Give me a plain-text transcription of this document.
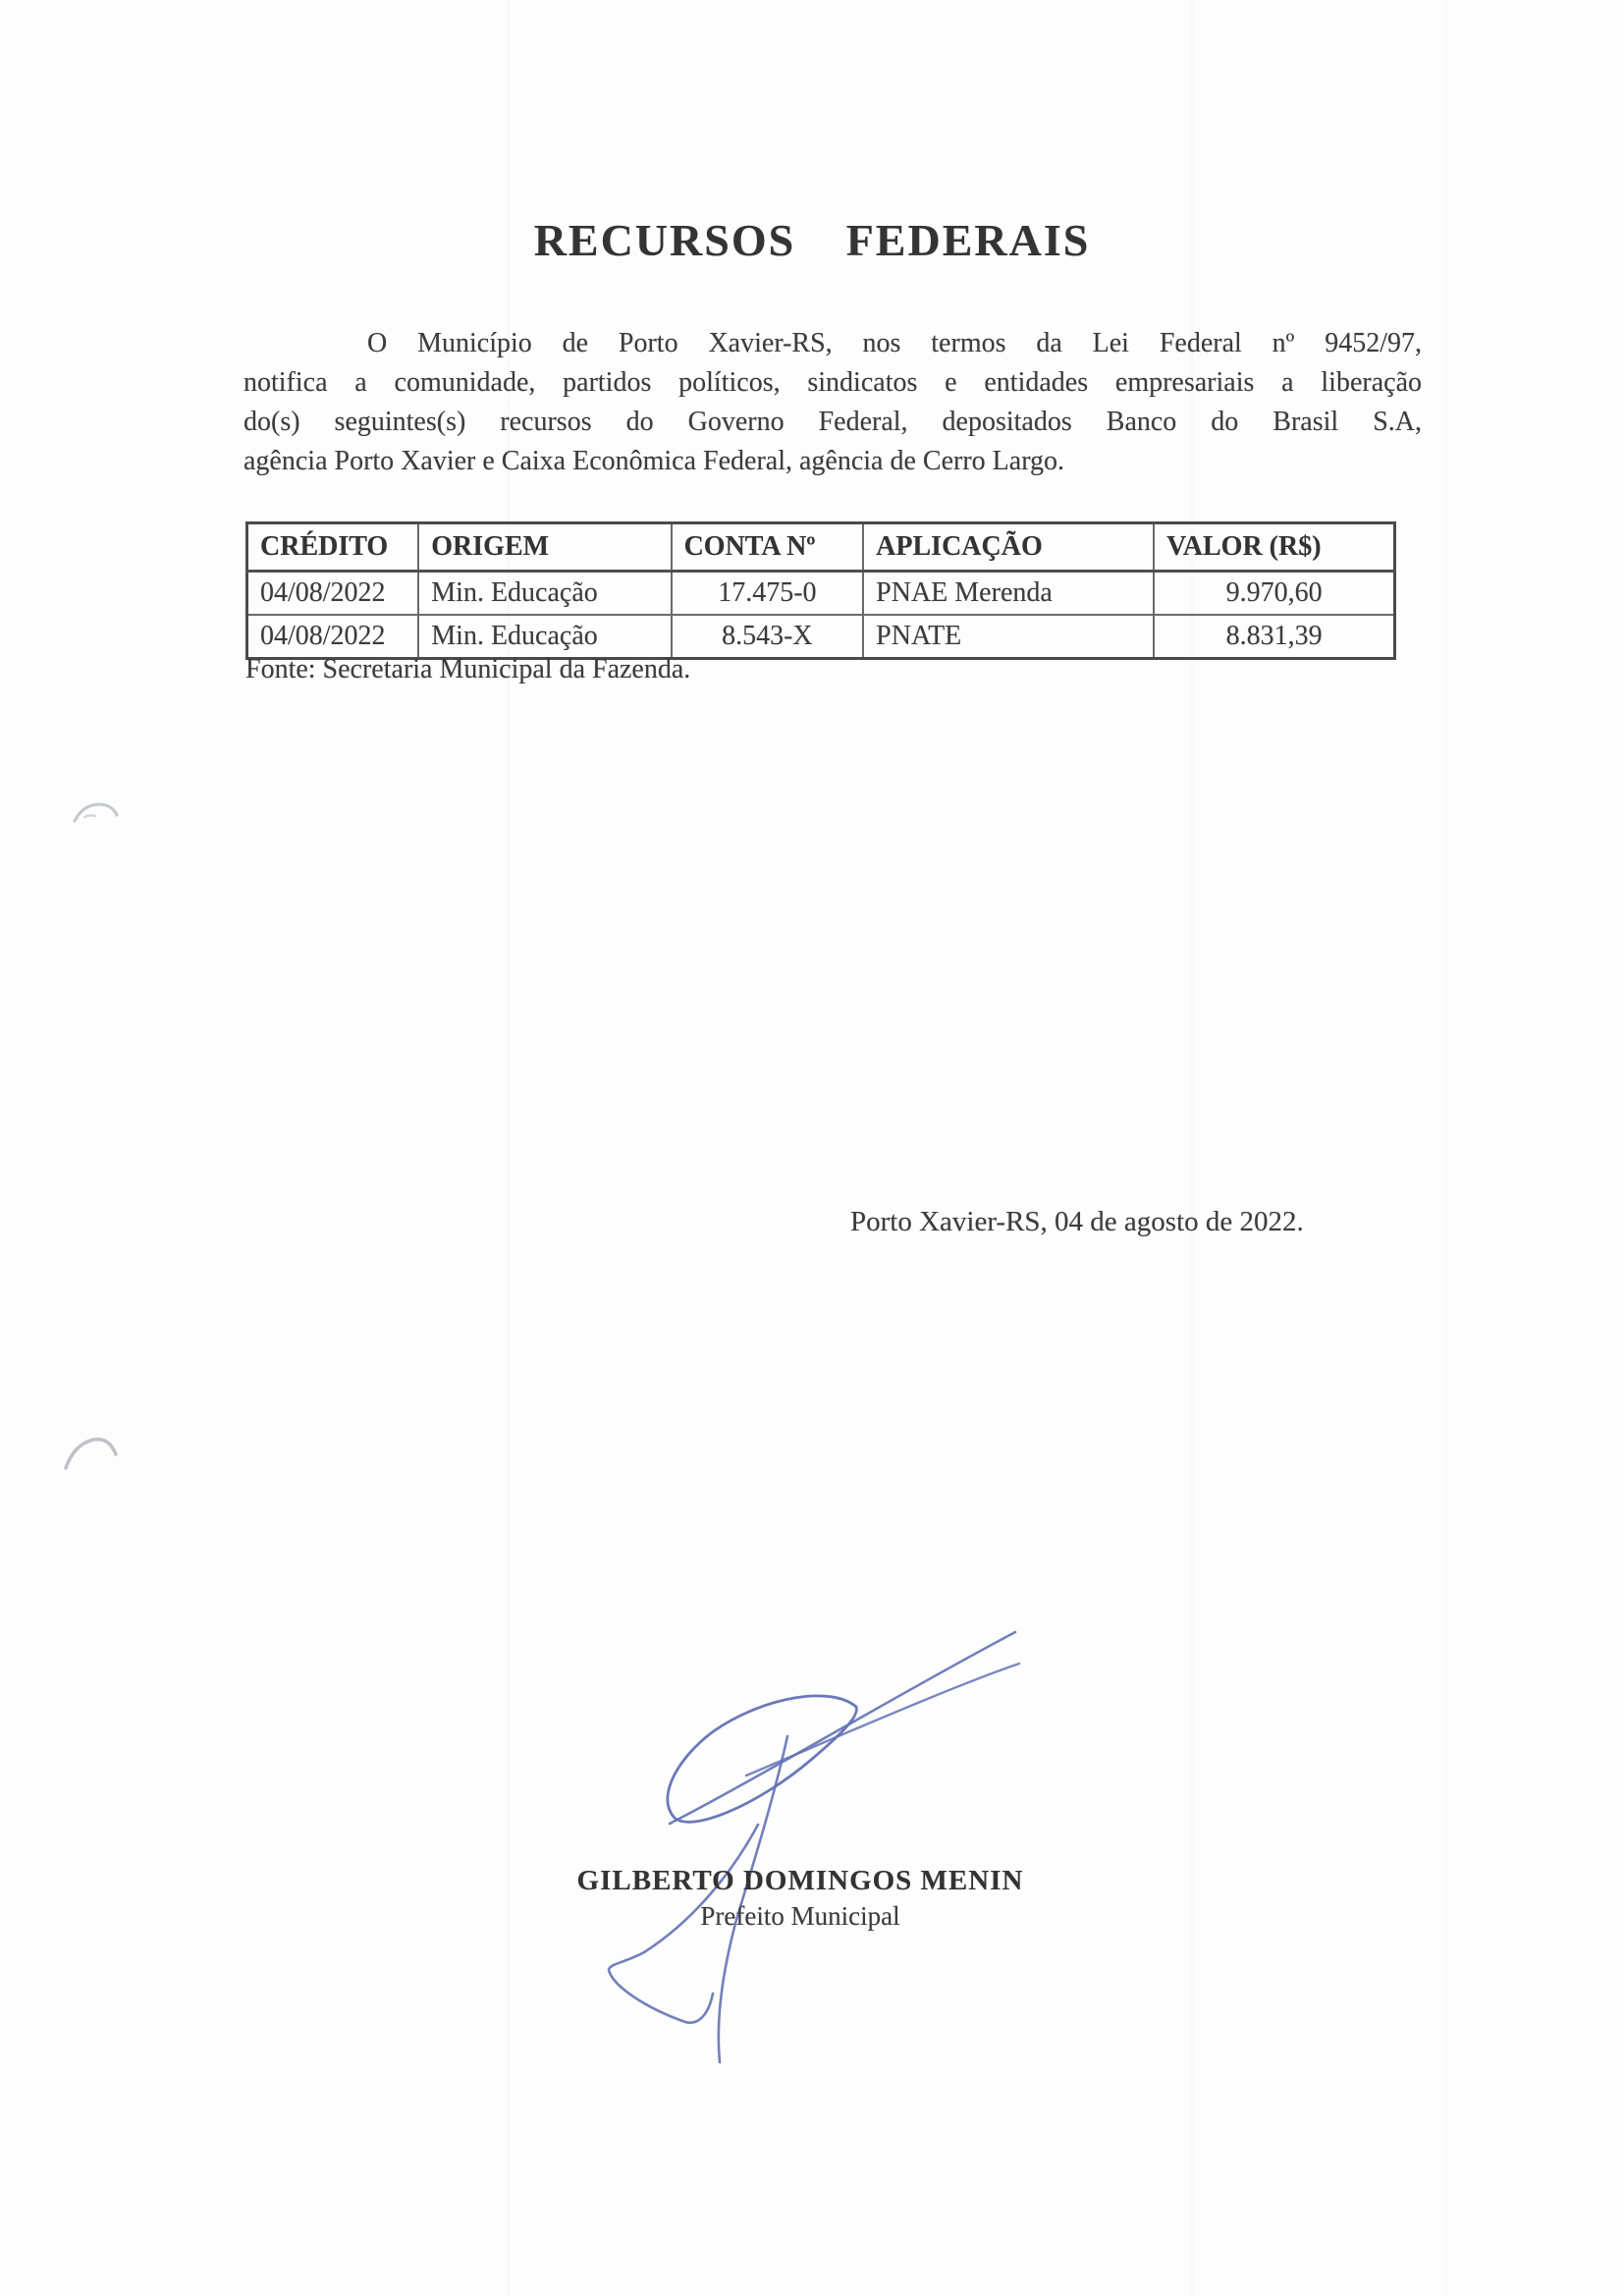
RECURSOS FEDERAIS
O Município de Porto Xavier-RS, nos termos da Lei Federal nº 9452/97,
notifica a comunidade, partidos políticos, sindicatos e entidades empresariais a liberação
do(s) seguintes(s) recursos do Governo Federal, depositados Banco do Brasil S.A,
agência Porto Xavier e Caixa Econômica Federal, agência de Cerro Largo.
CRÉDITO	ORIGEM	CONTA Nº	APLICAÇÃO	VALOR (R$)
04/08/2022	Min. Educação	17.475-0	PNAE Merenda	9.970,60
04/08/2022	Min. Educação	8.543-X	PNATE	8.831,39
Fonte: Secretaria Municipal da Fazenda.
Porto Xavier-RS, 04 de agosto de 2022.
GILBERTO DOMINGOS MENIN
Prefeito Municipal
